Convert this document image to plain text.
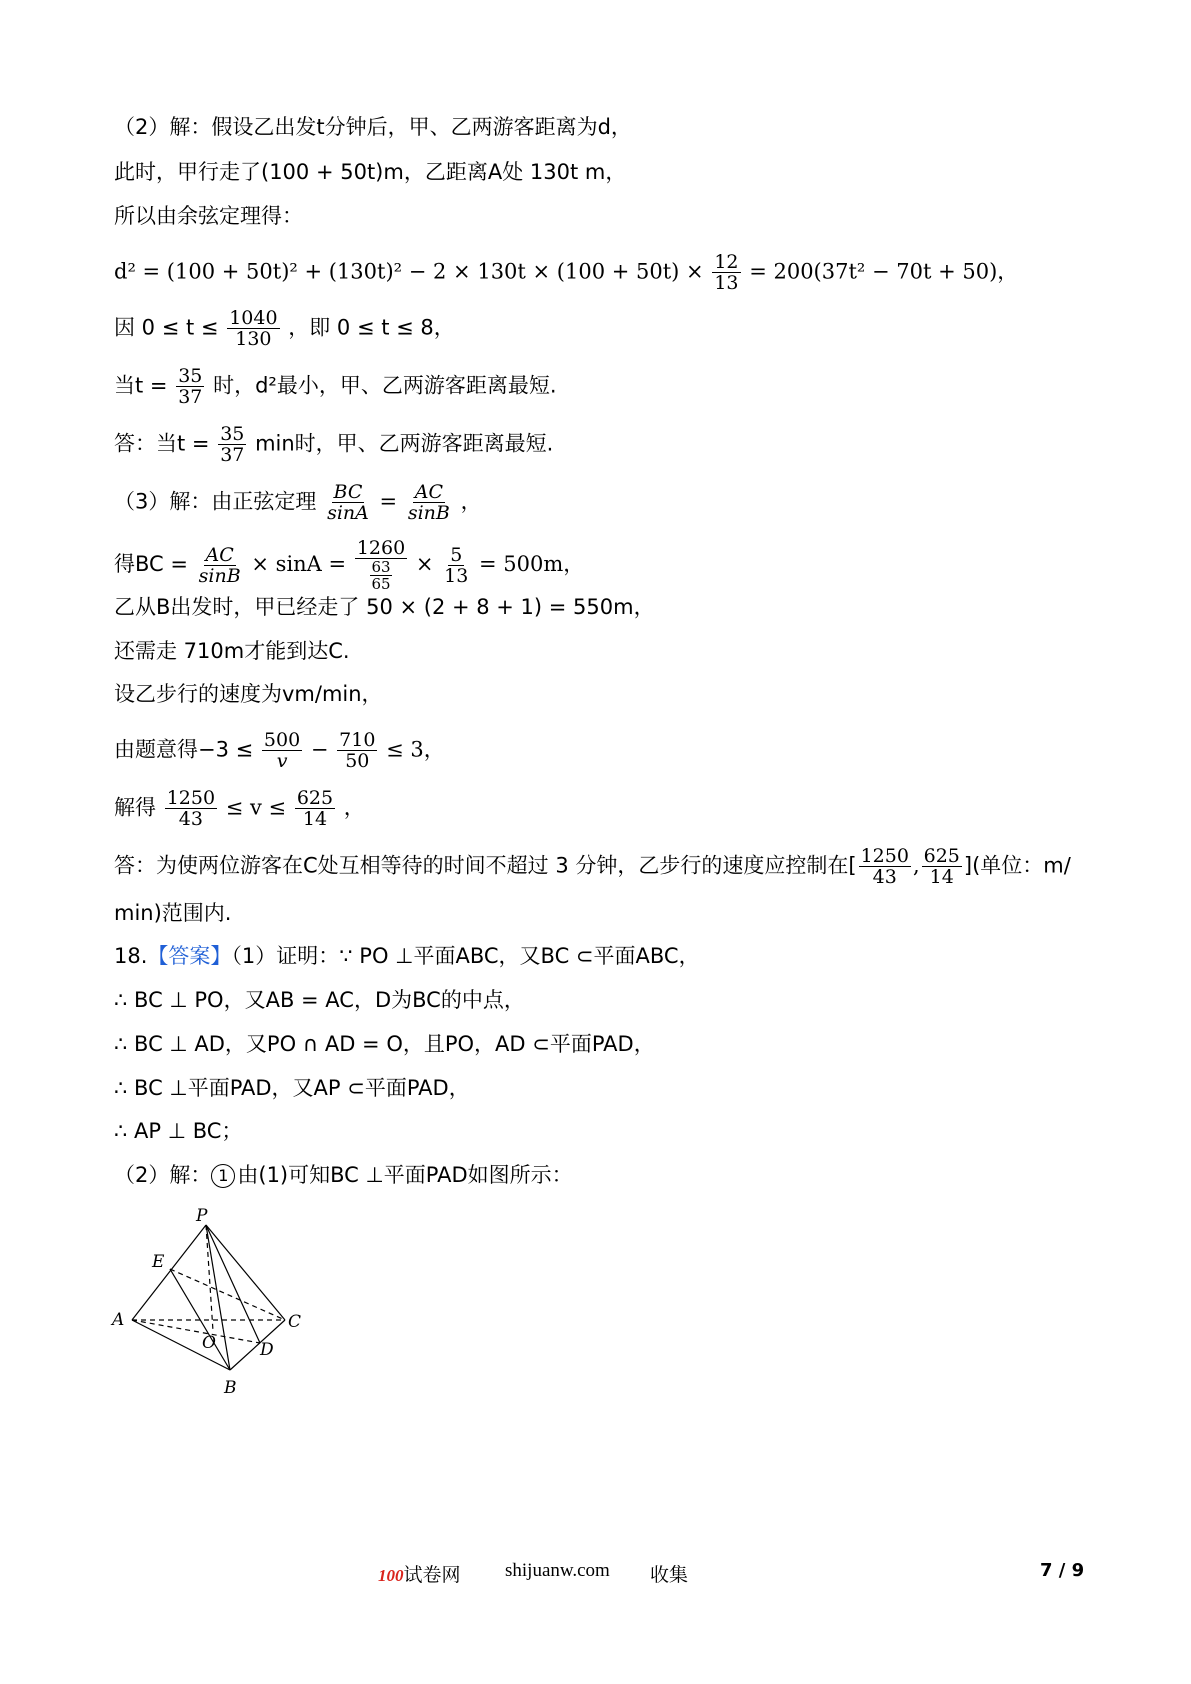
（2）解：假设乙出发t分钟后，甲、乙两游客距离为d，
此时，甲行走了(100 + 50t)m，乙距离A处 130t m，
所以由余弦定理得：
$d^2 = (100 + 50t)^2 + (130t)^2 - 2 \times 130t \times (100 + 50t) \times \frac{12}{13} = 200(37t^2 - 70t + 50)$，
因 $0 \le t \le \frac{1040}{130}$ ，即 0 ≤ t ≤ 8，
当$t = \frac{35}{37}$ 时，d²最小，甲、乙两游客距离最短.
答：当$t = \frac{35}{37}$ min时，甲、乙两游客距离最短.
（3）解：由正弦定理 $\frac{BC}{\sin A} = \frac{AC}{\sin B}$ ，
得BC = $\frac{AC}{\sin B} \times \sin A = \frac{1260}{\frac{63}{65}} \times \frac{5}{13} = 500m$，
乙从B出发时，甲已经走了 50 × (2 + 8 + 1) = 550m，
还需走 710m才能到达C.
设乙步行的速度为vm/min，
由题意得$-3 \le \frac{500}{v} - \frac{710}{50} \le 3$，
解得 $\frac{1250}{43} \le v \le \frac{625}{14}$ ，
答：为使两位游客在C处互相等待的时间不超过 3 分钟，乙步行的速度应控制在[ $\frac{1250}{43}$ , $\frac{625}{14}$ ](单位：m/
min)范围内.
18.【答案】（1）证明：∵ PO ⊥平面ABC，又BC ⊂平面ABC，
∴ BC ⊥ PO，又AB = AC，D为BC的中点，
∴ BC ⊥ AD，又PO ∩ AD = O，且PO，AD ⊂平面PAD，
∴ BC ⊥平面PAD，又AP ⊂平面PAD，
∴ AP ⊥ BC；
（2）解： 1 由(1)可知BC ⊥平面PAD如图所示：
P
E
A	C
O	D
B
100试卷网 shijuanw.com 收集	7 / 9
